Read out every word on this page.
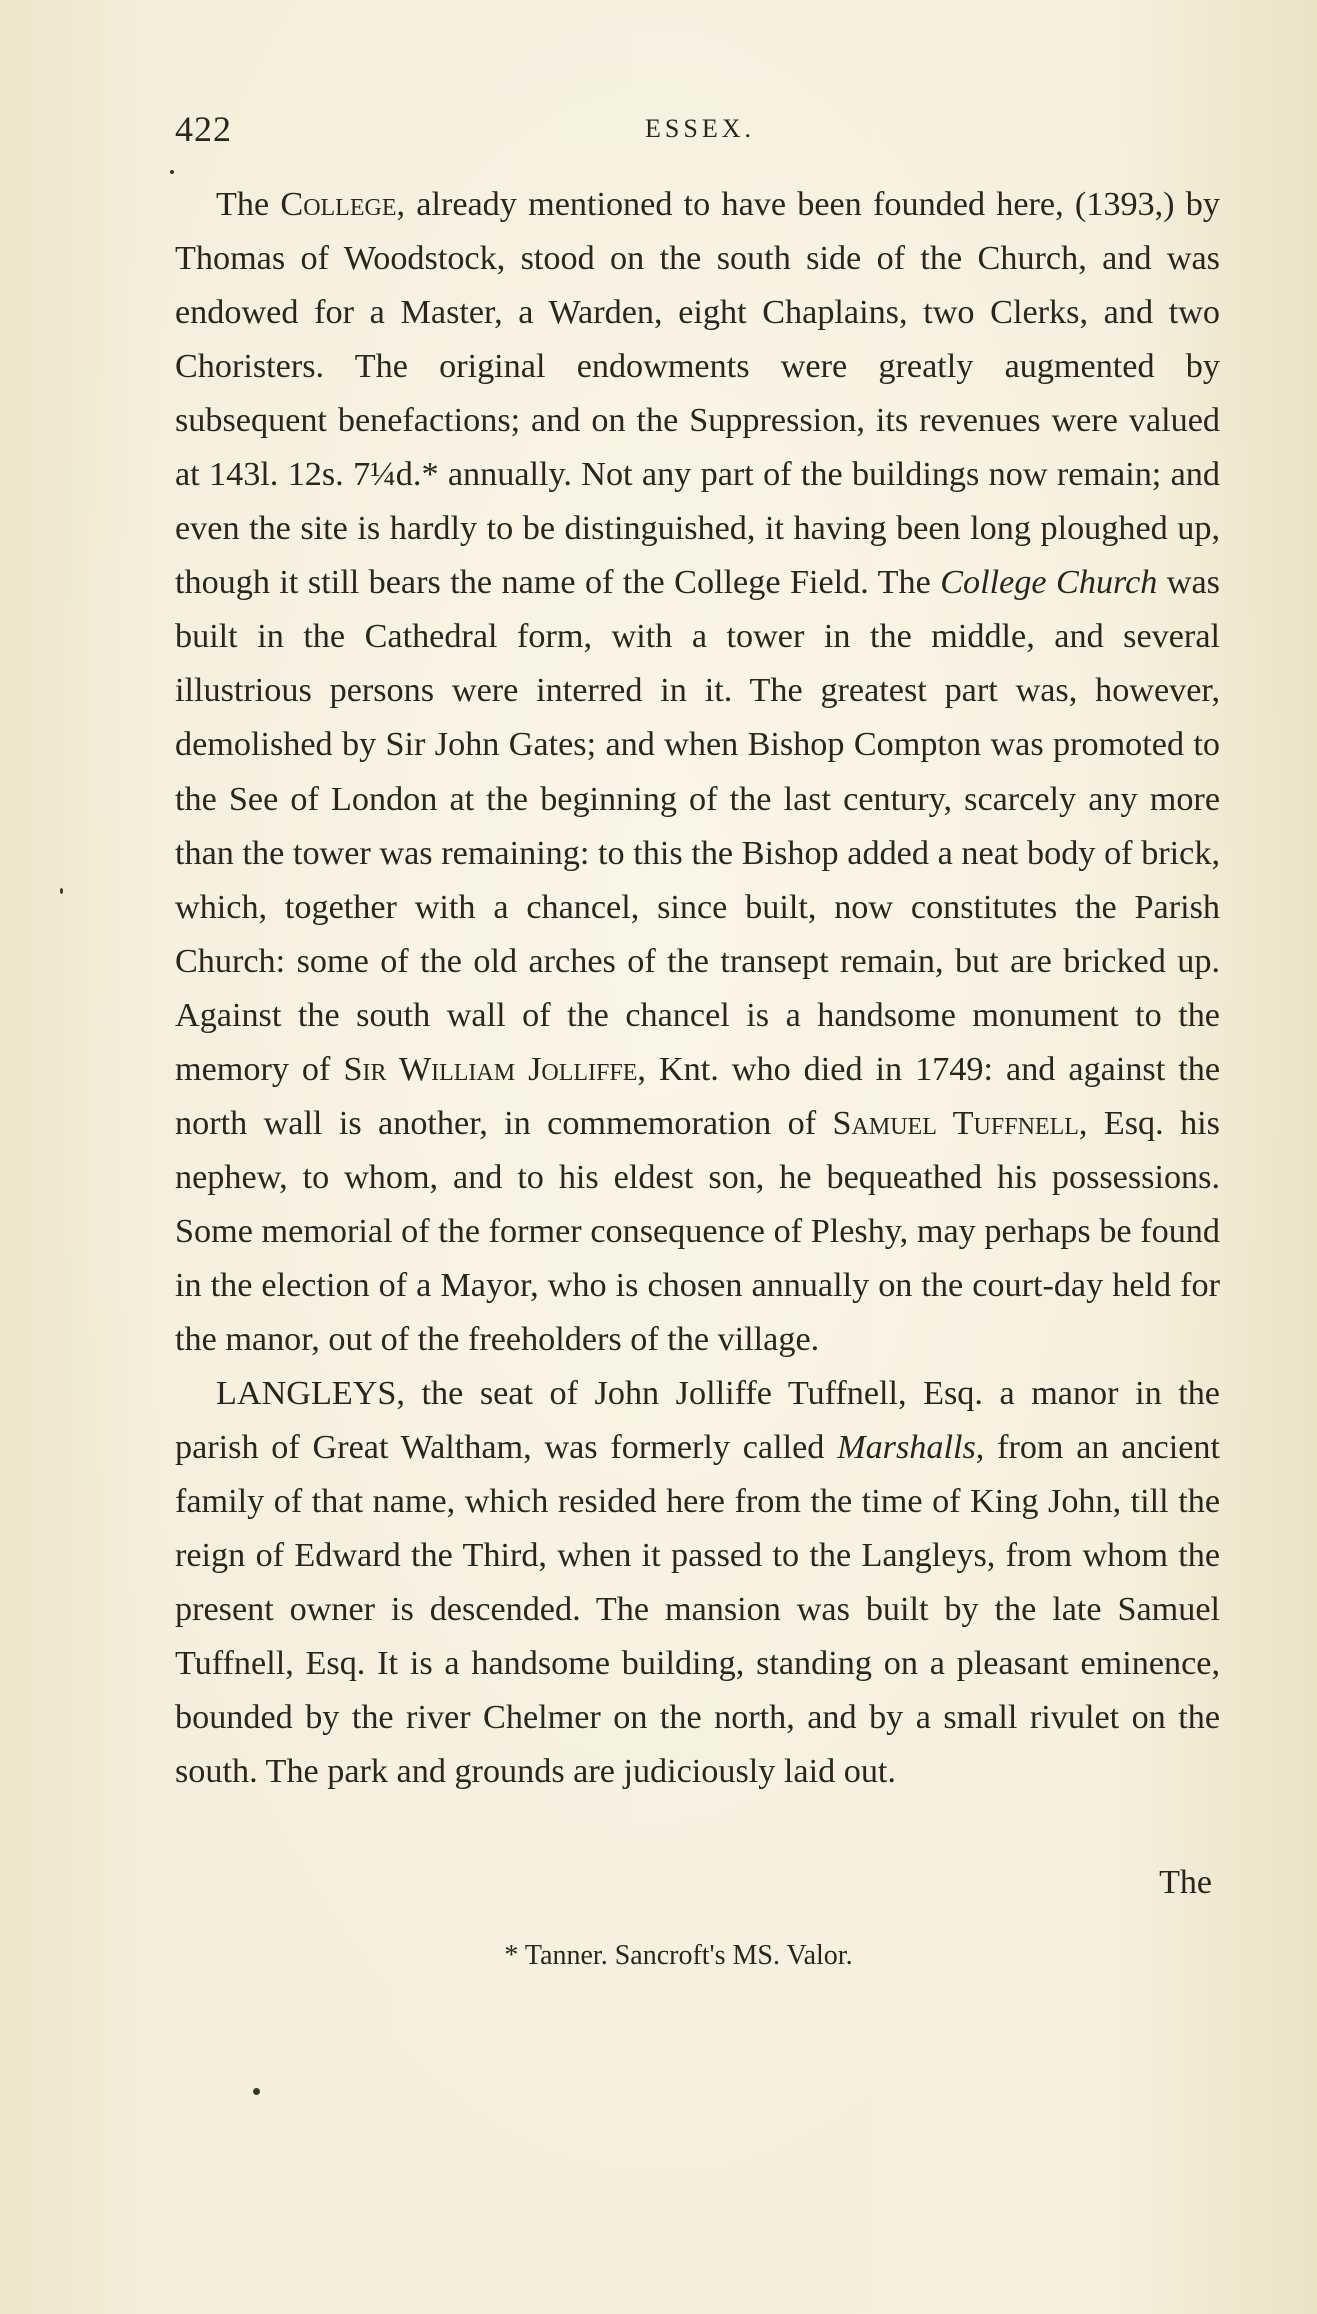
422	ESSEX.

The College, already mentioned to have been founded here, (1393,) by Thomas of Woodstock, stood on the south side of the Church, and was endowed for a Master, a Warden, eight Chaplains, two Clerks, and two Choristers. The original endowments were greatly augmented by subsequent benefactions; and on the Suppression, its revenues were valued at 143l. 12s. 7¼d.* annually. Not any part of the buildings now remain; and even the site is hardly to be distinguished, it having been long ploughed up, though it still bears the name of the College Field. The College Church was built in the Cathedral form, with a tower in the middle, and several illustrious persons were interred in it. The greatest part was, however, demolished by Sir John Gates; and when Bishop Compton was promoted to the See of London at the beginning of the last century, scarcely any more than the tower was remaining: to this the Bishop added a neat body of brick, which, together with a chancel, since built, now constitutes the Parish Church: some of the old arches of the transept remain, but are bricked up. Against the south wall of the chancel is a handsome monument to the memory of Sir William Jolliffe, Knt. who died in 1749: and against the north wall is another, in commemoration of Samuel Tuffnell, Esq. his nephew, to whom, and to his eldest son, he bequeathed his possessions. Some memorial of the former consequence of Pleshy, may perhaps be found in the election of a Mayor, who is chosen annually on the court-day held for the manor, out of the freeholders of the village.

LANGLEYS, the seat of John Jolliffe Tuffnell, Esq. a manor in the parish of Great Waltham, was formerly called Marshalls, from an ancient family of that name, which resided here from the time of King John, till the reign of Edward the Third, when it passed to the Langleys, from whom the present owner is descended. The mansion was built by the late Samuel Tuffnell, Esq. It is a handsome building, standing on a pleasant eminence, bounded by the river Chelmer on the north, and by a small rivulet on the south. The park and grounds are judiciously laid out.

The
* Tanner. Sancroft's MS. Valor.
